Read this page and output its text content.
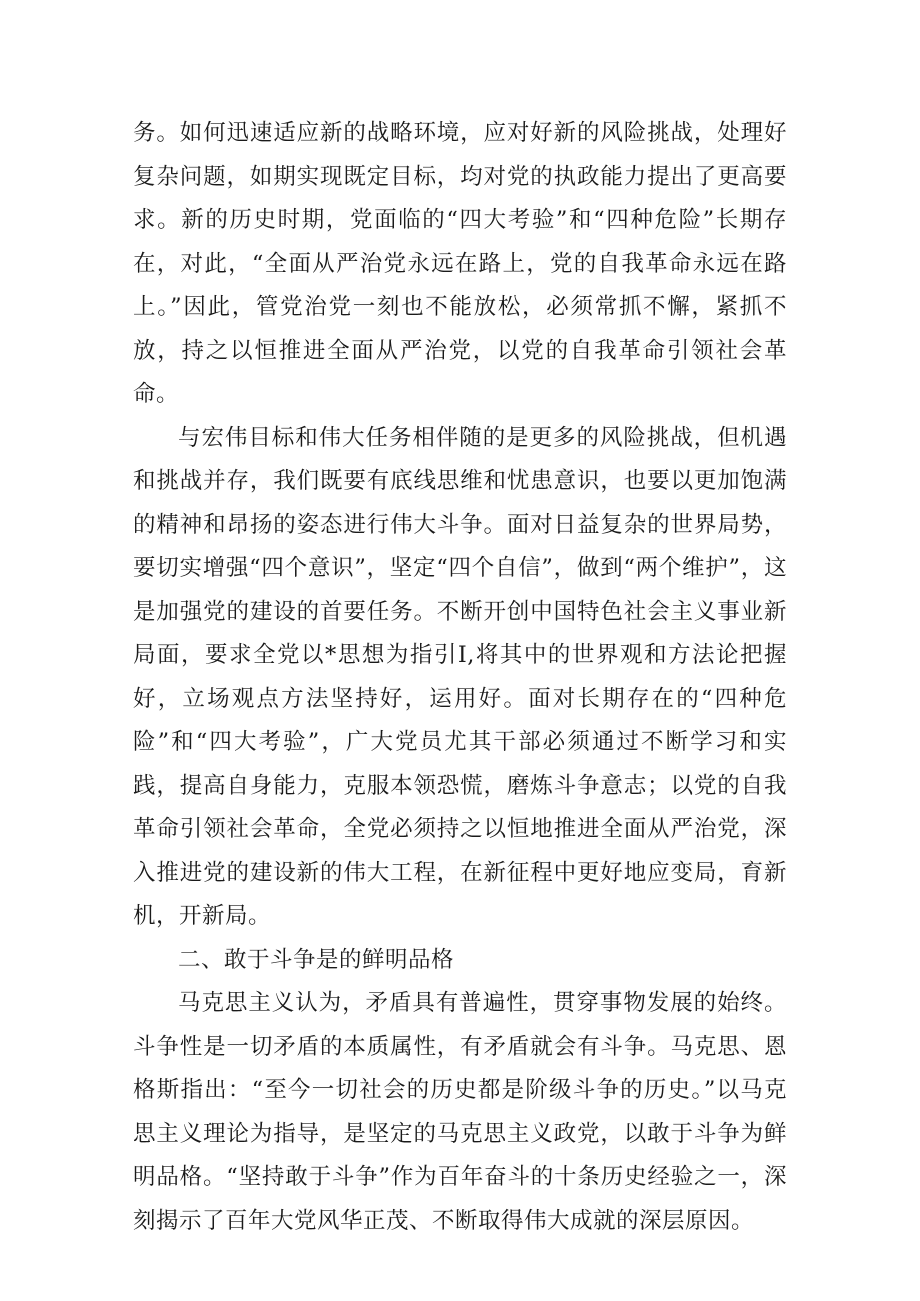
务。如何迅速适应新的战略环境，应对好新的风险挑战，处理好复杂问题，如期实现既定目标，均对党的执政能力提出了更高要求。新的历史时期，党面临的“四大考验”和“四种危险”长期存在，对此，“全面从严治党永远在路上，党的自我革命永远在路上。”因此，管党治党一刻也不能放松，必须常抓不懈，紧抓不放，持之以恒推进全面从严治党，以党的自我革命引领社会革命。

与宏伟目标和伟大任务相伴随的是更多的风险挑战，但机遇和挑战并存，我们既要有底线思维和忧患意识，也要以更加饱满的精神和昂扬的姿态进行伟大斗争。面对日益复杂的世界局势，要切实增强“四个意识”，坚定“四个自信”，做到“两个维护”，这是加强党的建设的首要任务。不断开创中国特色社会主义事业新局面，要求全党以*思想为指引I,将其中的世界观和方法论把握好，立场观点方法坚持好，运用好。面对长期存在的“四种危险”和“四大考验”，广大党员尤其干部必须通过不断学习和实践，提高自身能力，克服本领恐慌，磨炼斗争意志；以党的自我革命引领社会革命，全党必须持之以恒地推进全面从严治党，深入推进党的建设新的伟大工程，在新征程中更好地应变局，育新机，开新局。

二、敢于斗争是的鲜明品格

马克思主义认为，矛盾具有普遍性，贯穿事物发展的始终。斗争性是一切矛盾的本质属性，有矛盾就会有斗争。马克思、恩格斯指出：“至今一切社会的历史都是阶级斗争的历史。”以马克思主义理论为指导，是坚定的马克思主义政党，以敢于斗争为鲜明品格。“坚持敢于斗争”作为百年奋斗的十条历史经验之一，深刻揭示了百年大党风华正茂、不断取得伟大成就的深层原因。
